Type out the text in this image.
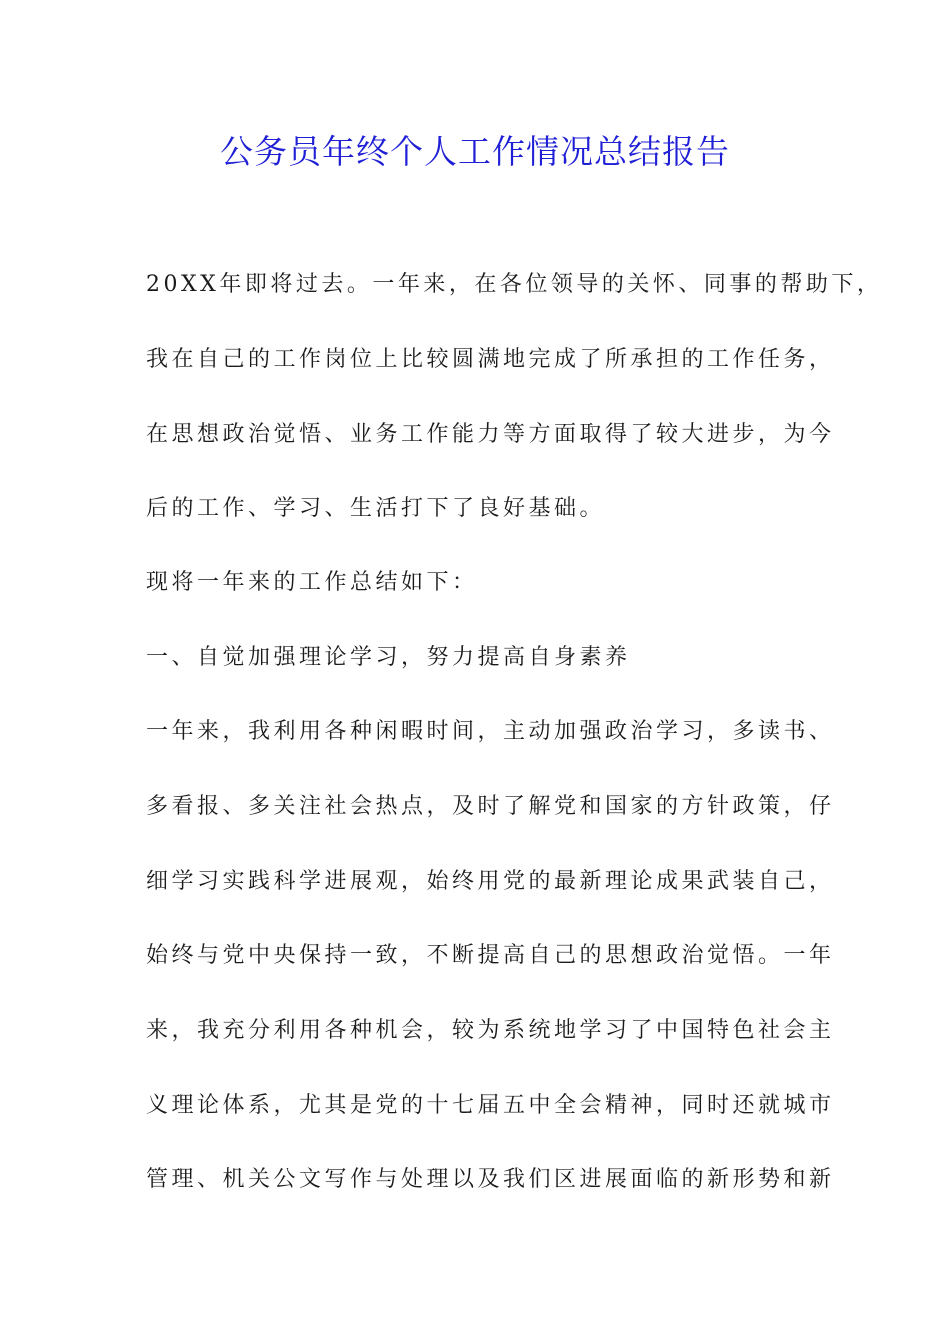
公务员年终个人工作情况总结报告
20XX年即将过去。一年来，在各位领导的关怀、同事的帮助下，
我在自己的工作岗位上比较圆满地完成了所承担的工作任务，
在思想政治觉悟、业务工作能力等方面取得了较大进步，为今
后的工作、学习、生活打下了良好基础。
现将一年来的工作总结如下：
一、自觉加强理论学习，努力提高自身素养
一年来，我利用各种闲暇时间，主动加强政治学习，多读书、
多看报、多关注社会热点，及时了解党和国家的方针政策，仔
细学习实践科学进展观，始终用党的最新理论成果武装自己，
始终与党中央保持一致，不断提高自己的思想政治觉悟。一年
来，我充分利用各种机会，较为系统地学习了中国特色社会主
义理论体系，尤其是党的十七届五中全会精神，同时还就城市
管理、机关公文写作与处理以及我们区进展面临的新形势和新
